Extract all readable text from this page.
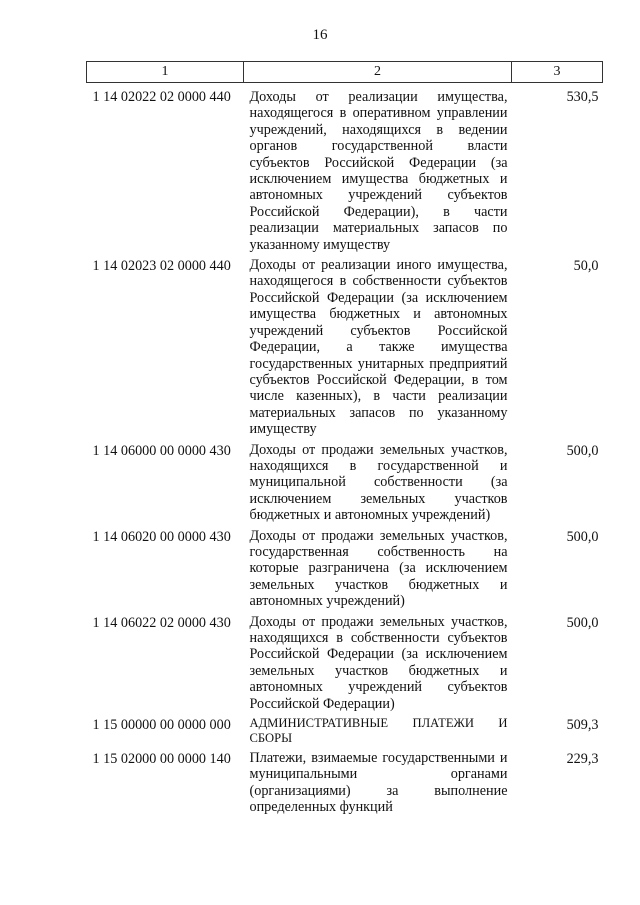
16
1	2	3
1 14 02022 02 0000 440	Доходы от реализации имущества, находящегося в оперативном управлении учреждений, находящихся в ведении органов государственной власти субъектов Российской Федерации (за исключением имущества бюджетных и автономных учреждений субъектов Российской Федерации), в части реализации материальных запасов по указанному имуществу	530,5
1 14 02023 02 0000 440	Доходы от реализации иного имущества, находящегося в собственности субъектов Российской Федерации (за исключением имущества бюджетных и автономных учреждений субъектов Российской Федерации, а также имущества государственных унитарных предприятий субъектов Российской Федерации, в том числе казенных), в части реализации материальных запасов по указанному имуществу	50,0
1 14 06000 00 0000 430	Доходы от продажи земельных участков, находящихся в государственной и муниципальной собственности (за исключением земельных участков бюджетных и автономных учреждений)	500,0
1 14 06020 00 0000 430	Доходы от продажи земельных участков, государственная собственность на которые разграничена (за исключением земельных участков бюджетных и автономных учреждений)	500,0
1 14 06022 02 0000 430	Доходы от продажи земельных участков, находящихся в собственности субъектов Российской Федерации (за исключением земельных участков бюджетных и автономных учреждений субъектов Российской Федерации)	500,0
1 15 00000 00 0000 000	АДМИНИСТРАТИВНЫЕ ПЛАТЕЖИ И СБОРЫ	509,3
1 15 02000 00 0000 140	Платежи, взимаемые государственными и муниципальными органами (организациями) за выполнение определенных функций	229,3
